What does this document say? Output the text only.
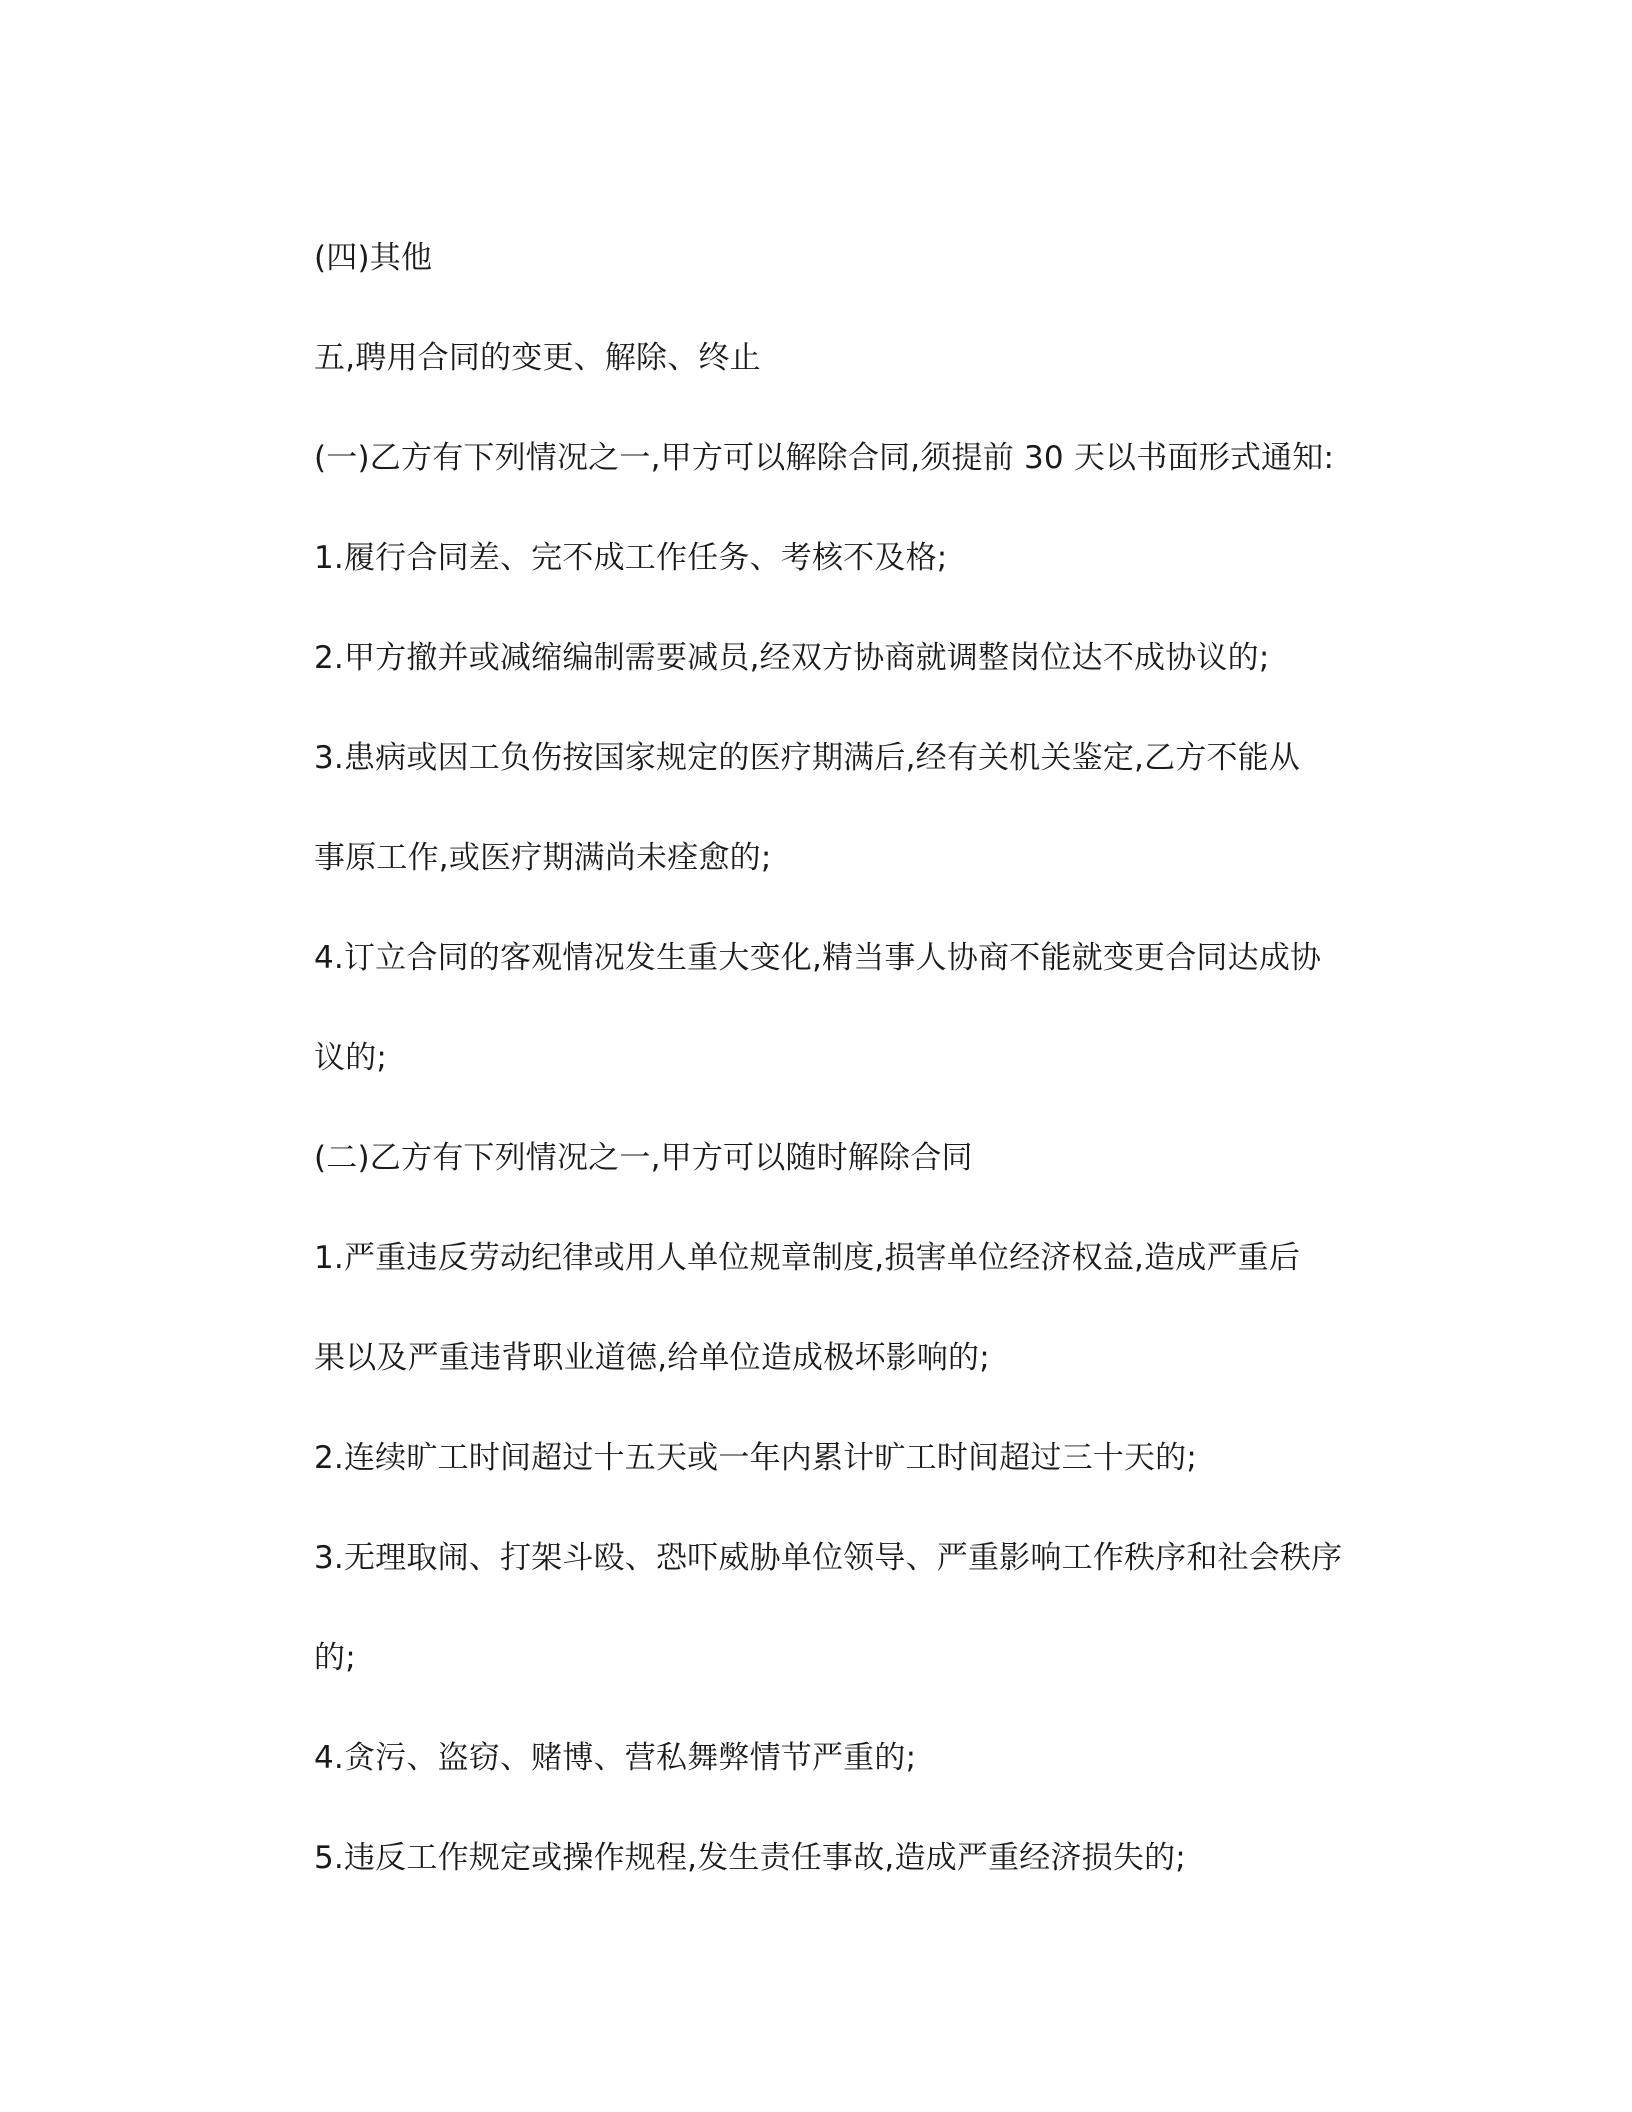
(四)其他
五,聘用合同的变更、解除、终止
(一)乙方有下列情况之一,甲方可以解除合同,须提前 30 天以书面形式通知:
1.履行合同差、完不成工作任务、考核不及格;
2.甲方撤并或减缩编制需要减员,经双方协商就调整岗位达不成协议的;
3.患病或因工负伤按国家规定的医疗期满后,经有关机关鉴定,乙方不能从
事原工作,或医疗期满尚未痊愈的;
4.订立合同的客观情况发生重大变化,精当事人协商不能就变更合同达成协
议的;
(二)乙方有下列情况之一,甲方可以随时解除合同
1.严重违反劳动纪律或用人单位规章制度,损害单位经济权益,造成严重后
果以及严重违背职业道德,给单位造成极坏影响的;
2.连续旷工时间超过十五天或一年内累计旷工时间超过三十天的;
3.无理取闹、打架斗殴、恐吓威胁单位领导、严重影响工作秩序和社会秩序
的;
4.贪污、盗窃、赌博、营私舞弊情节严重的;
5.违反工作规定或操作规程,发生责任事故,造成严重经济损失的;
